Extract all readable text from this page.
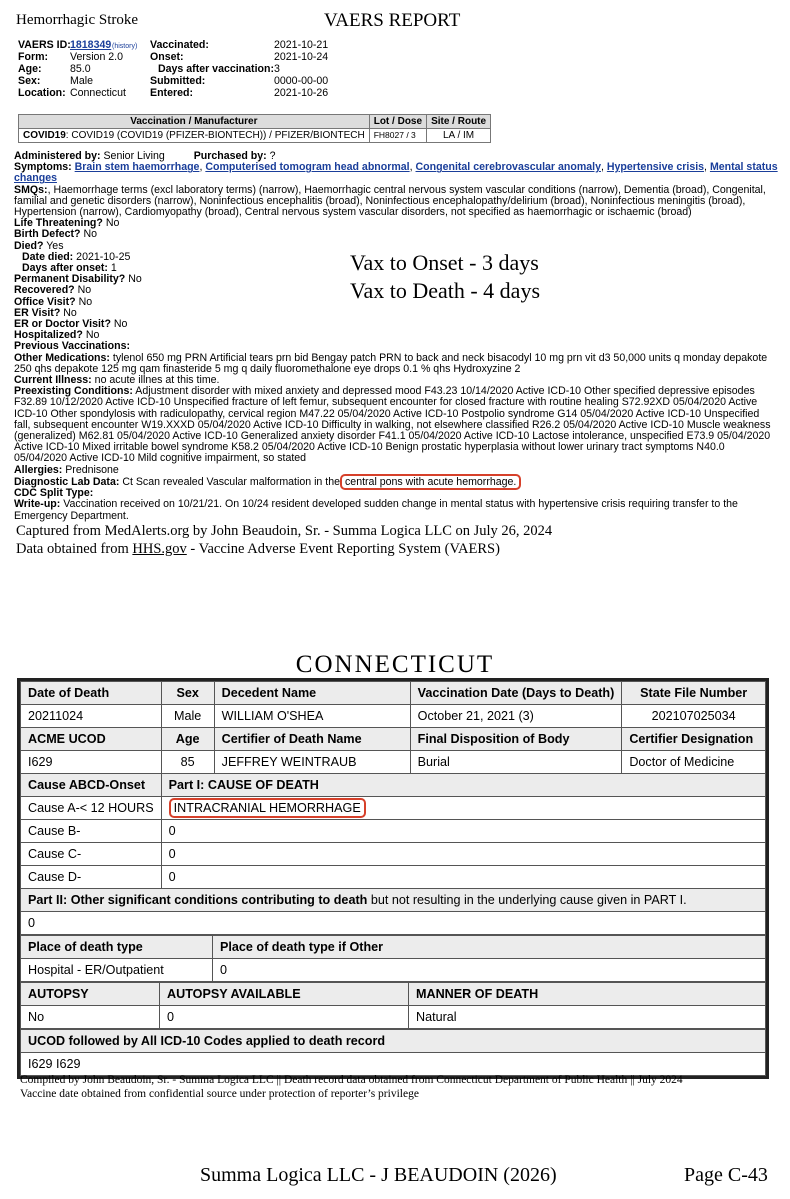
Hemorrhagic Stroke	VAERS REPORT
VAERS ID: 1818349 (history)
Form: Version 2.0
Age:	85.0
Sex:	Male
Location: Connecticut
Vaccinated:	2021-10-21
Onset:	2021-10-24
Days after vaccination: 3
Submitted:	0000-00-00
Entered:	2021-10-26
Vaccination / Manufacturer	Lot / Dose	Site / Route
COVID19: COVID19 (COVID19 (PFIZER-BIONTECH)) / PFIZER/BIONTECH	FH8027 / 3	LA / IM
Administered by: Senior Living	Purchased by: ?
Symptoms: Brain stem haemorrhage, Computerised tomogram head abnormal, Congenital cerebrovascular anomaly, Hypertensive crisis, Mental status changes
SMQs:, Haemorrhage terms (excl laboratory terms) (narrow), Haemorrhagic central nervous system vascular conditions (narrow), Dementia (broad), Congenital, familial and genetic disorders (narrow), Noninfectious encephalitis (broad), Noninfectious encephalopathy/delirium (broad), Noninfectious meningitis (broad), Hypertension (narrow), Cardiomyopathy (broad), Central nervous system vascular disorders, not specified as haemorrhagic or ischaemic (broad)
Life Threatening? No
Birth Defect? No
Died? Yes
Date died: 2021-10-25
Days after onset: 1
Permanent Disability? No
Recovered? No
Office Visit? No
ER Visit? No
ER or Doctor Visit? No
Hospitalized? No
Previous Vaccinations:
Other Medications: tylenol 650 mg PRN Artificial tears prn bid Bengay patch PRN to back and neck bisacodyl 10 mg prn vit d3 50,000 units q monday depakote 250 qhs depakote 125 mg qam finasteride 5 mg q daily fluoromethalone eye drops 0.1 % qhs Hydroxyzine 2
Current Illness: no acute illnes at this time.
Preexisting Conditions: Adjustment disorder with mixed anxiety and depressed mood F43.23 10/14/2020 Active ICD-10 Other specified depressive episodes F32.89 10/12/2020 Active ICD-10 Unspecified fracture of left femur, subsequent encounter for closed fracture with routine healing S72.92XD 05/04/2020 Active ICD-10 Other spondylosis with radiculopathy, cervical region M47.22 05/04/2020 Active ICD-10 Postpolio syndrome G14 05/04/2020 Active ICD-10 Unspecified fall, subsequent encounter W19.XXXD 05/04/2020 Active ICD-10 Difficulty in walking, not elsewhere classified R26.2 05/04/2020 Active ICD-10 Muscle weakness (generalized) M62.81 05/04/2020 Active ICD-10 Generalized anxiety disorder F41.1 05/04/2020 Active ICD-10 Lactose intolerance, unspecified E73.9 05/04/2020 Active ICD-10 Mixed irritable bowel syndrome K58.2 05/04/2020 Active ICD-10 Benign prostatic hyperplasia without lower urinary tract symptoms N40.0 05/04/2020 Active ICD-10 Mild cognitive impairment, so stated
Allergies: Prednisone
Diagnostic Lab Data: Ct Scan revealed Vascular malformation in the central pons with acute hemorrhage.
CDC Split Type:
Write-up: Vaccination received on 10/21/21. On 10/24 resident developed sudden change in mental status with hypertensive crisis requiring transfer to the Emergency Department.
Vax to Onset - 3 days
Vax to Death - 4 days
Captured from MedAlerts.org by John Beaudoin, Sr. - Summa Logica LLC on July 26, 2024
Data obtained from HHS.gov - Vaccine Adverse Event Reporting System (VAERS)
CONNECTICUT
Date of Death	Sex	Decedent Name	Vaccination Date (Days to Death)	State File Number
20211024	Male	WILLIAM O'SHEA	October 21, 2021 (3)	202107025034
ACME UCOD	Age	Certifier of Death Name	Final Disposition of Body	Certifier Designation
I629	85	JEFFREY WEINTRAUB	Burial	Doctor of Medicine
Cause ABCD-Onset	Part I: CAUSE OF DEATH			
Cause A-< 12 HOURS	INTRACRANIAL HEMORRHAGE			
Cause B-	0			
Cause C-	0			
Cause D-	0			
Part II: Other significant conditions contributing to death but not resulting in the underlying cause given in PART I.				
0				
Place of death type	Place of death type if Other
Hospital - ER/Outpatient	0
AUTOPSY	AUTOPSY AVAILABLE	MANNER OF DEATH
No	0	Natural
UCOD followed by All ICD-10 Codes applied to death record
I629 I629
Compiled by John Beaudoin, Sr. - Summa Logica LLC || Death record data obtained from Connecticut Department of Public Health || July 2024
Vaccine date obtained from confidential source under protection of reporter’s privilege
Summa Logica LLC - J BEAUDOIN (2026)	Page C-43
